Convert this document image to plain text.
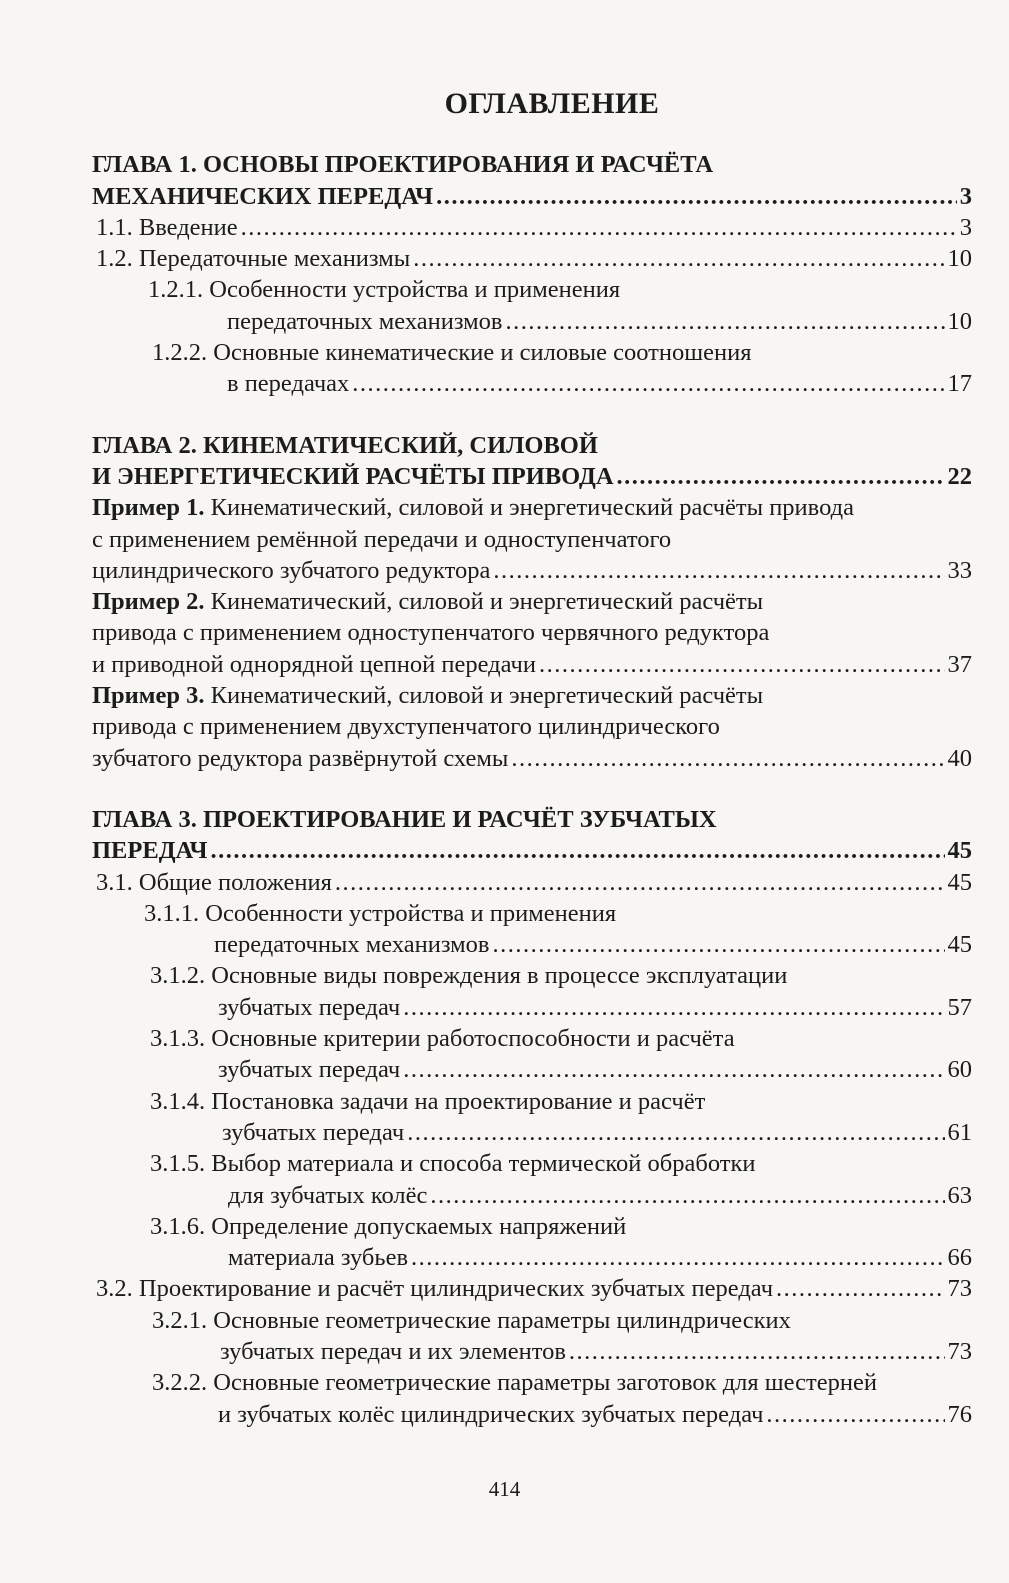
ОГЛАВЛЕНИЕ
ГЛАВА 1. ОСНОВЫ ПРОЕКТИРОВАНИЯ И РАСЧЁТА
МЕХАНИЧЕСКИХ ПЕРЕДАЧ .....	3
1.1. Введение .....	3
1.2. Передаточные механизмы .....	10
1.2.1. Особенности устройства и применения
передаточных механизмов .....	10
1.2.2. Основные кинематические и силовые соотношения
в передачах .....	17
ГЛАВА 2. КИНЕМАТИЧЕСКИЙ, СИЛОВОЙ
И ЭНЕРГЕТИЧЕСКИЙ РАСЧЁТЫ ПРИВОДА .....	22
Пример 1. Кинематический, силовой и энергетический расчёты привода
с применением ремённой передачи и одноступенчатого
цилиндрического зубчатого редуктора .....	33
Пример 2. Кинематический, силовой и энергетический расчёты
привода с применением одноступенчатого червячного редуктора
и приводной однорядной цепной передачи .....	37
Пример 3. Кинематический, силовой и энергетический расчёты
привода с применением двухступенчатого цилиндрического
зубчатого редуктора развёрнутой схемы .....	40
ГЛАВА 3. ПРОЕКТИРОВАНИЕ И РАСЧЁТ ЗУБЧАТЫХ
ПЕРЕДАЧ .....	45
3.1. Общие положения .....	45
3.1.1. Особенности устройства и применения
передаточных механизмов .....	45
3.1.2. Основные виды повреждения в процессе эксплуатации
зубчатых передач .....	57
3.1.3. Основные критерии работоспособности и расчёта
зубчатых передач .....	60
3.1.4. Постановка задачи на проектирование и расчёт
зубчатых передач .....	61
3.1.5. Выбор материала и способа термической обработки
для зубчатых колёс .....	63
3.1.6. Определение допускаемых напряжений
материала зубьев .....	66
3.2. Проектирование и расчёт цилиндрических зубчатых передач .....	73
3.2.1. Основные геометрические параметры цилиндрических
зубчатых передач и их элементов .....	73
3.2.2. Основные геометрические параметры заготовок для шестерней
и зубчатых колёс цилиндрических зубчатых передач .....	76
414
